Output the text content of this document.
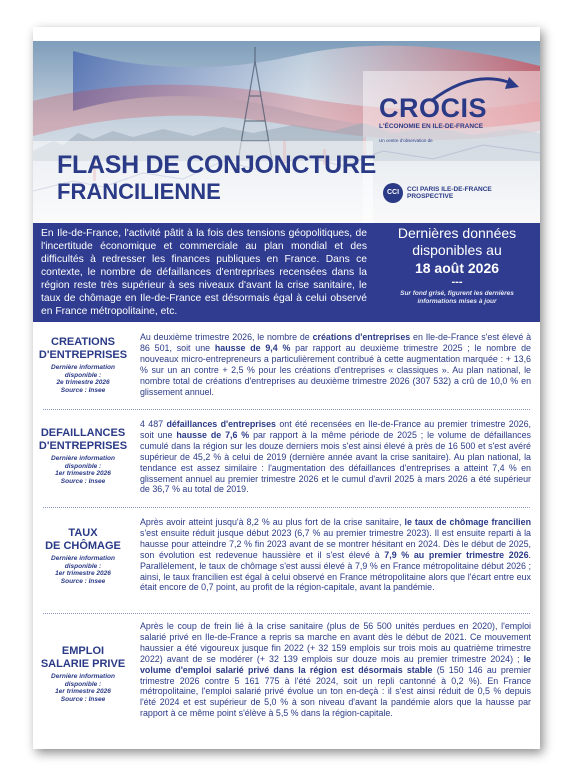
FLASH DE CONJONCTURE
FRANCILIENNE
CROCIS
L'ÉCONOMIE EN ILE-DE-FRANCE
Un centre d'observation de
CCI	CCI PARIS ILE-DE-FRANCE
PROSPECTIVE
En Ile-de-France, l'activité pâtit à la fois des tensions géopolitiques, de l'incertitude économique et commerciale au plan mondial et des difficultés à redresser les finances publiques en France. Dans ce contexte, le nombre de défaillances d'entreprises recensées dans la région reste très supérieur à ses niveaux d'avant la crise sanitaire, le taux de chômage en Ile-de-France est désormais égal à celui observé en France métropolitaine, etc.
Dernières données
disponibles au
18 août 2026
---
Sur fond grisé, figurent les dernières informations mises à jour
CREATIONS
D'ENTREPRISES
Dernière information
disponible :
2e trimestre 2026
Source : Insee
Au deuxième trimestre 2026, le nombre de créations d'entreprises en Ile-de-France s'est élevé à 86 501, soit une hausse de 9,4 % par rapport au deuxième trimestre 2025 ; le nombre de nouveaux micro-entrepreneurs a particulièrement contribué à cette augmentation marquée : + 13,6 % sur un an contre + 2,5 % pour les créations d'entreprises « classiques ». Au plan national, le nombre total de créations d'entreprises au deuxième trimestre 2026 (307 532) a crû de 10,0 % en glissement annuel.
DEFAILLANCES
D'ENTREPRISES
Dernière information
disponible :
1er trimestre 2026
Source : Insee
4 487 défaillances d'entreprises ont été recensées en Ile-de-France au premier trimestre 2026, soit une hausse de 7,6 % par rapport à la même période de 2025 ; le volume de défaillances cumulé dans la région sur les douze derniers mois s'est ainsi élevé à près de 16 500 et s'est avéré supérieur de 45,2 % à celui de 2019 (dernière année avant la crise sanitaire). Au plan national, la tendance est assez similaire : l'augmentation des défaillances d'entreprises a atteint 7,4 % en glissement annuel au premier trimestre 2026 et le cumul d'avril 2025 à mars 2026 a été supérieur de 36,7 % au total de 2019.
TAUX
DE CHÔMAGE
Dernière information
disponible :
1er trimestre 2026
Source : Insee
Après avoir atteint jusqu'à 8,2 % au plus fort de la crise sanitaire, le taux de chômage francilien s'est ensuite réduit jusque début 2023 (6,7 % au premier trimestre 2023). Il est ensuite reparti à la hausse pour atteindre 7,2 % fin 2023 avant de se montrer hésitant en 2024. Dès le début de 2025, son évolution est redevenue haussière et il s'est élevé à 7,9 % au premier trimestre 2026. Parallèlement, le taux de chômage s'est aussi élevé à 7,9 % en France métropolitaine début 2026 ; ainsi, le taux francilien est égal à celui observé en France métropolitaine alors que l'écart entre eux était encore de 0,7 point, au profit de la région-capitale, avant la pandémie.
EMPLOI
SALARIE PRIVE
Dernière information
disponible :
1er trimestre 2026
Source : Insee
Après le coup de frein lié à la crise sanitaire (plus de 56 500 unités perdues en 2020), l'emploi salarié privé en Ile-de-France a repris sa marche en avant dès le début de 2021. Ce mouvement haussier a été vigoureux jusque fin 2022 (+ 32 159 emplois sur trois mois au quatrième trimestre 2022) avant de se modérer (+ 32 139 emplois sur douze mois au premier trimestre 2024) ; le volume d'emploi salarié privé dans la région est désormais stable (5 150 146 au premier trimestre 2026 contre 5 161 775 à l'été 2024, soit un repli cantonné à 0,2 %). En France métropolitaine, l'emploi salarié privé évolue un ton en-deçà : il s'est ainsi réduit de 0,5 % depuis l'été 2024 et est supérieur de 5,0 % à son niveau d'avant la pandémie alors que la hausse par rapport à ce même point s'élève à 5,5 % dans la région-capitale.
